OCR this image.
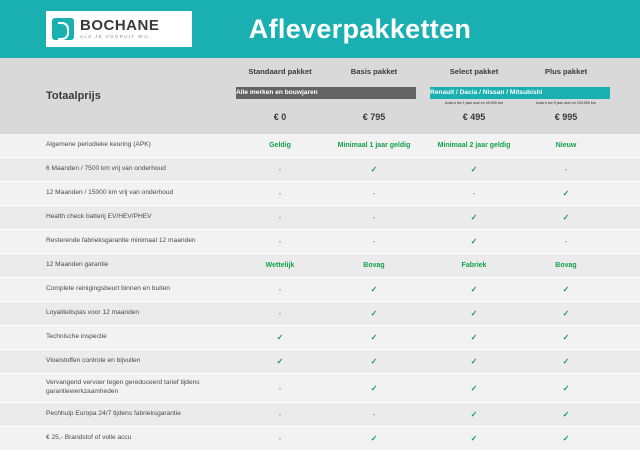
BOCHANE
ALS JE VOORUIT WIL	Afleverpakketten
Standaard pakket	Basis pakket
Alle merken en bouwjaren
Select pakket	Plus pakket
Renault / Dacia / Nissan / Mitsubishi
Auto's tot 1 jaar oud en 20.000 km	Auto's tot 5 jaar oud en 100.000 km
Totaalprijs
€ 0	€ 795	€ 495	€ 995
Algemene periodieke keuring (APK)	Geldig	Minimaal 1 jaar geldig	Minimaal 2 jaar geldig	Nieuw
6 Maanden / 7500 km vrij van onderhoud	-	✓	✓	-
12 Maanden / 15000 km vrij van onderhoud	-	-	-	✓
Health check batterij EV/HEV/PHEV	-	-	✓	✓
Resterende fabrieksgarantie minimaal 12 maanden	-	-	✓	-
12 Maanden garantie	Wettelijk	Bovag	Fabriek	Bovag
Complete reinigingsbeurt binnen en buiten	-	✓	✓	✓
Loyaliteitspas voor 12 maanden	-	✓	✓	✓
Technische inspectie	✓	✓	✓	✓
Vloeistoffen controle en bijvullen	✓	✓	✓	✓
Vervangend vervoer tegen gereduceerd tarief tijdens garantiewerkzaamheden	-	✓	✓	✓
Pechhulp Europa 24/7 tijdens fabrieksgarantie	-	-	✓	✓
€ 25,- Brandstof of volle accu	-	✓	✓	✓
